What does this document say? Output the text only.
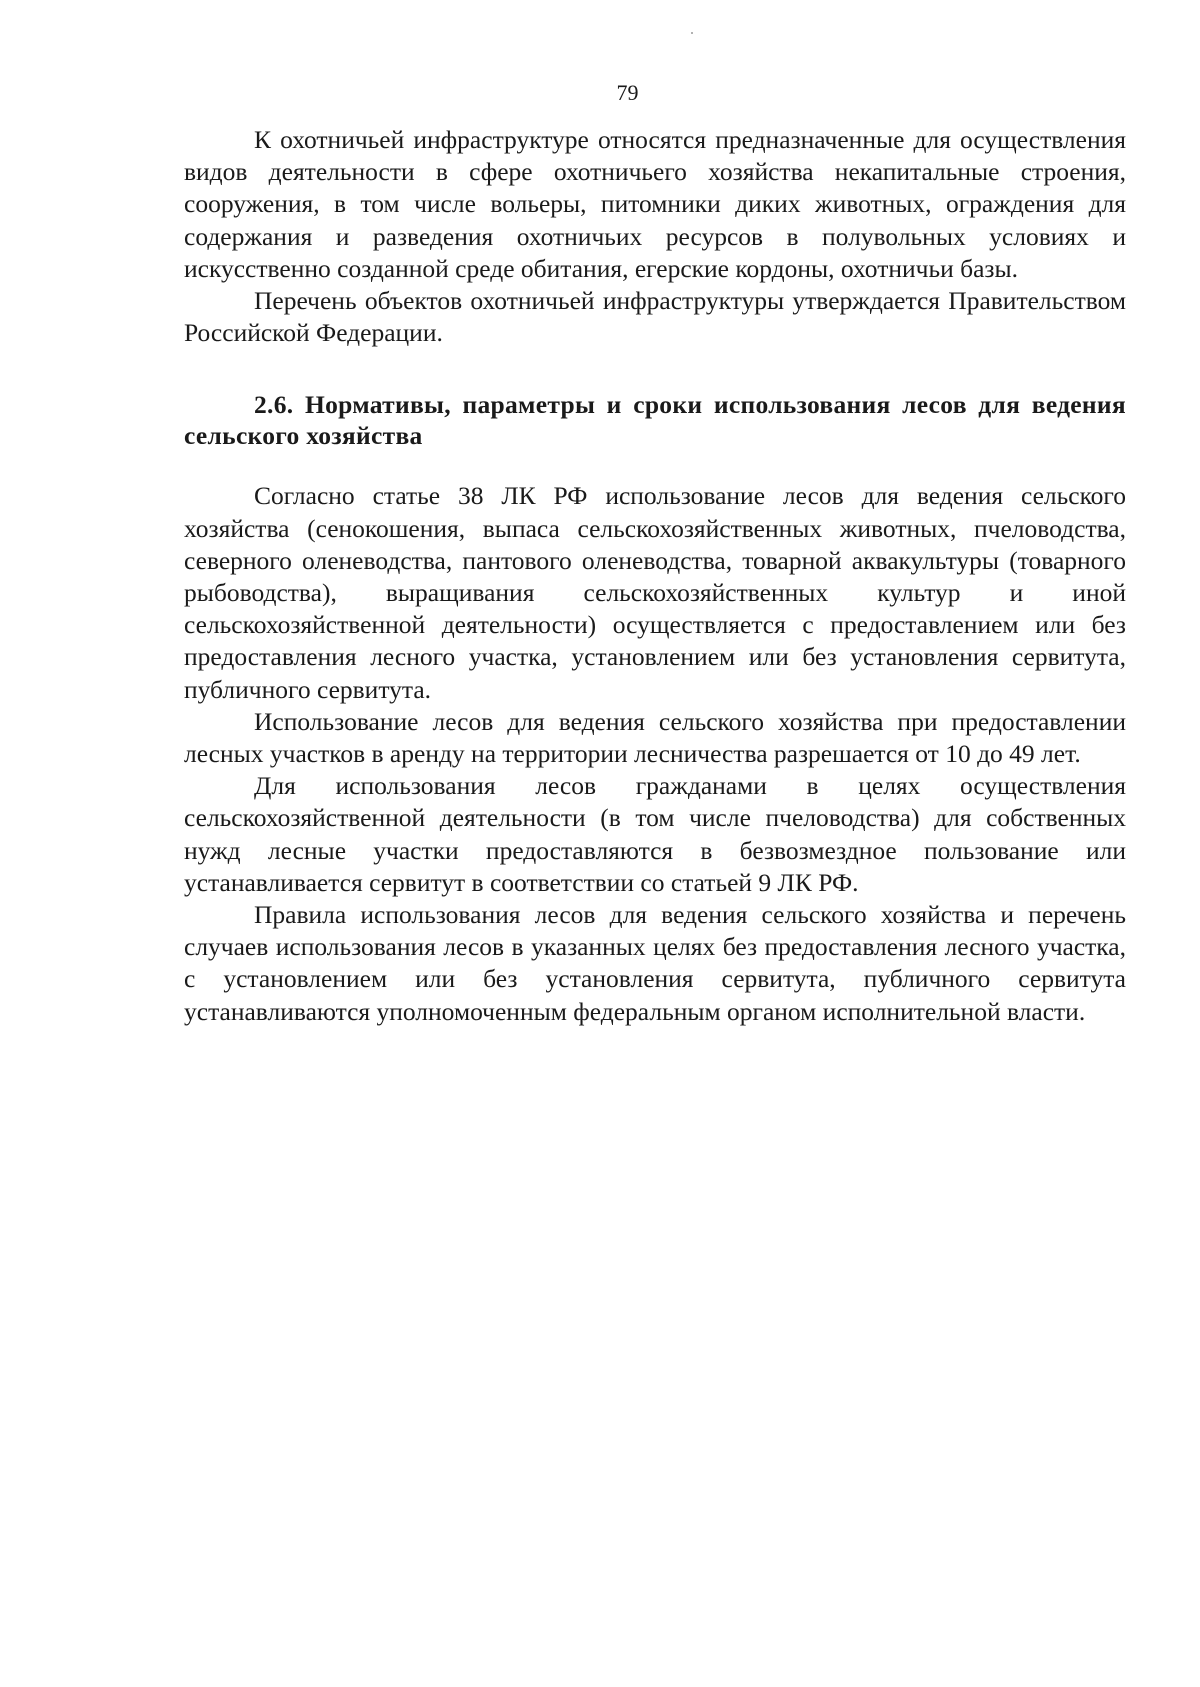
79

К охотничьей инфраструктуре относятся предназначенные для осуществления видов деятельности в сфере охотничьего хозяйства некапитальные строения, сооружения, в том числе вольеры, питомники диких животных, ограждения для содержания и разведения охотничьих ресурсов в полувольных условиях и искусственно созданной среде обитания, егерские кордоны, охотничьи базы.

Перечень объектов охотничьей инфраструктуры утверждается Правительством Российской Федерации.

2.6. Нормативы, параметры и сроки использования лесов для ведения сельского хозяйства

Согласно статье 38 ЛК РФ использование лесов для ведения сельского хозяйства (сенокошения, выпаса сельскохозяйственных животных, пчеловодства, северного оленеводства, пантового оленеводства, товарной аквакультуры (товарного рыбоводства), выращивания сельскохозяйственных культур и иной сельскохозяйственной деятельности) осуществляется с предоставлением или без предоставления лесного участка, установлением или без установления сервитута, публичного сервитута.

Использование лесов для ведения сельского хозяйства при предоставлении лесных участков в аренду на территории лесничества разрешается от 10 до 49 лет.

Для использования лесов гражданами в целях осуществления сельскохозяйственной деятельности (в том числе пчеловодства) для собственных нужд лесные участки предоставляются в безвозмездное пользование или устанавливается сервитут в соответствии со статьей 9 ЛК РФ.

Правила использования лесов для ведения сельского хозяйства и перечень случаев использования лесов в указанных целях без предоставления лесного участка, с установлением или без установления сервитута, публичного сервитута устанавливаются уполномоченным федеральным органом исполнительной власти.
